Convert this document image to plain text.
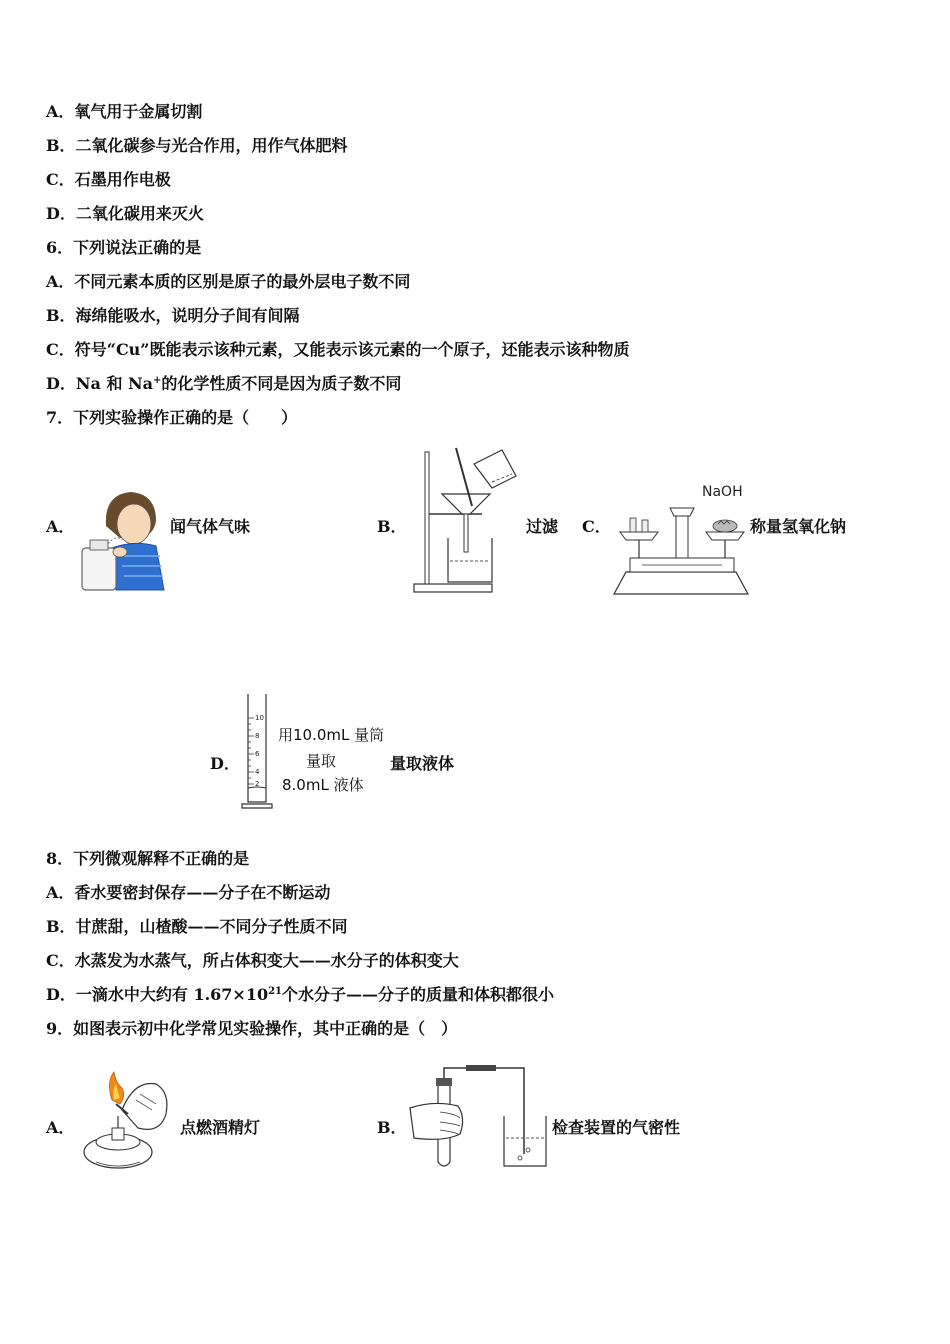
A．氧气用于金属切割
B．二氧化碳参与光合作用，用作气体肥料
C．石墨用作电极
D．二氧化碳用来灭火
6．下列说法正确的是
A．不同元素本质的区别是原子的最外层电子数不同
B．海绵能吸水，说明分子间有间隔
C．符号“Cu”既能表示该种元素，又能表示该元素的一个原子，还能表示该种物质
D．Na 和 Na+的化学性质不同是因为质子数不同
7．下列实验操作正确的是（　　）
A．	闻气体气味	B．	过滤 C．
NaOH
称量氢氧化钠
D．
10
8
6
4
2
用10.0mL 量筒
量取
8.0mL 液体
量取液体
8．下列微观解释不正确的是
A．香水要密封保存——分子在不断运动
B．甘蔗甜，山楂酸——不同分子性质不同
C．水蒸发为水蒸气，所占体积变大——水分子的体积变大
D．一滴水中大约有 $1.67\times 10^{21}$个水分子——分子的质量和体积都很小
9．如图表示初中化学常见实验操作，其中正确的是（　）
A．	点燃酒精灯	B．	检查装置的气密性
